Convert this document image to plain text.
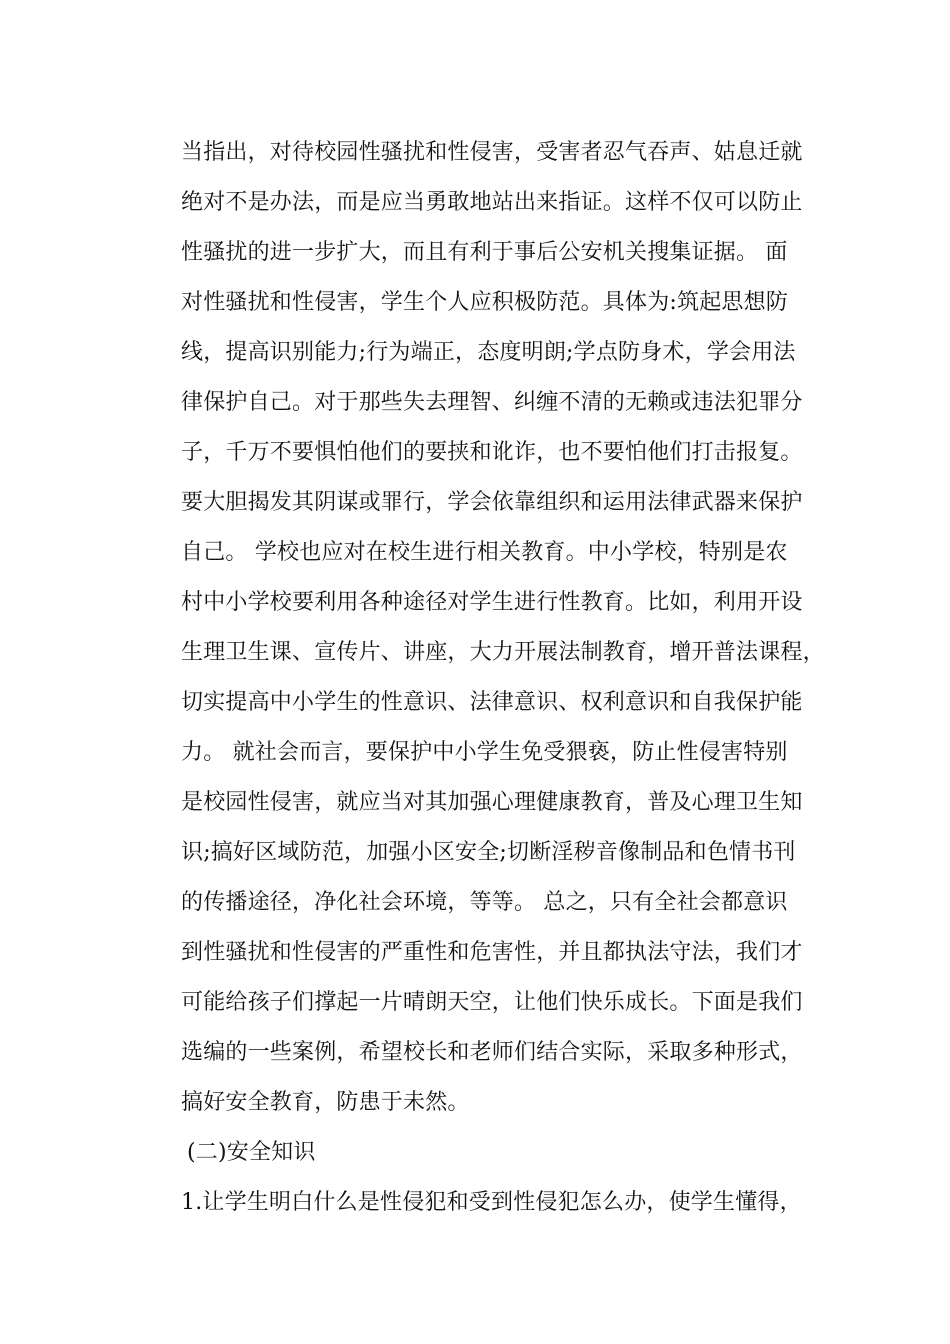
当指出，对待校园性骚扰和性侵害，受害者忍气吞声、姑息迁就
绝对不是办法，而是应当勇敢地站出来指证。这样不仅可以防止
性骚扰的进一步扩大，而且有利于事后公安机关搜集证据。 面
对性骚扰和性侵害，学生个人应积极防范。具体为:筑起思想防
线，提高识别能力;行为端正，态度明朗;学点防身术，学会用法
律保护自己。对于那些失去理智、纠缠不清的无赖或违法犯罪分
子，千万不要惧怕他们的要挟和讹诈，也不要怕他们打击报复。
要大胆揭发其阴谋或罪行，学会依靠组织和运用法律武器来保护
自己。 学校也应对在校生进行相关教育。中小学校，特别是农
村中小学校要利用各种途径对学生进行性教育。比如，利用开设
生理卫生课、宣传片、讲座，大力开展法制教育，增开普法课程，
切实提高中小学生的性意识、法律意识、权利意识和自我保护能
力。 就社会而言，要保护中小学生免受猥亵，防止性侵害特别
是校园性侵害，就应当对其加强心理健康教育，普及心理卫生知
识;搞好区域防范，加强小区安全;切断淫秽音像制品和色情书刊
的传播途径，净化社会环境，等等。 总之，只有全社会都意识
到性骚扰和性侵害的严重性和危害性，并且都执法守法，我们才
可能给孩子们撑起一片晴朗天空，让他们快乐成长。下面是我们
选编的一些案例，希望校长和老师们结合实际，采取多种形式，
搞好安全教育，防患于未然。
(二)安全知识
1.让学生明白什么是性侵犯和受到性侵犯怎么办，使学生懂得，
